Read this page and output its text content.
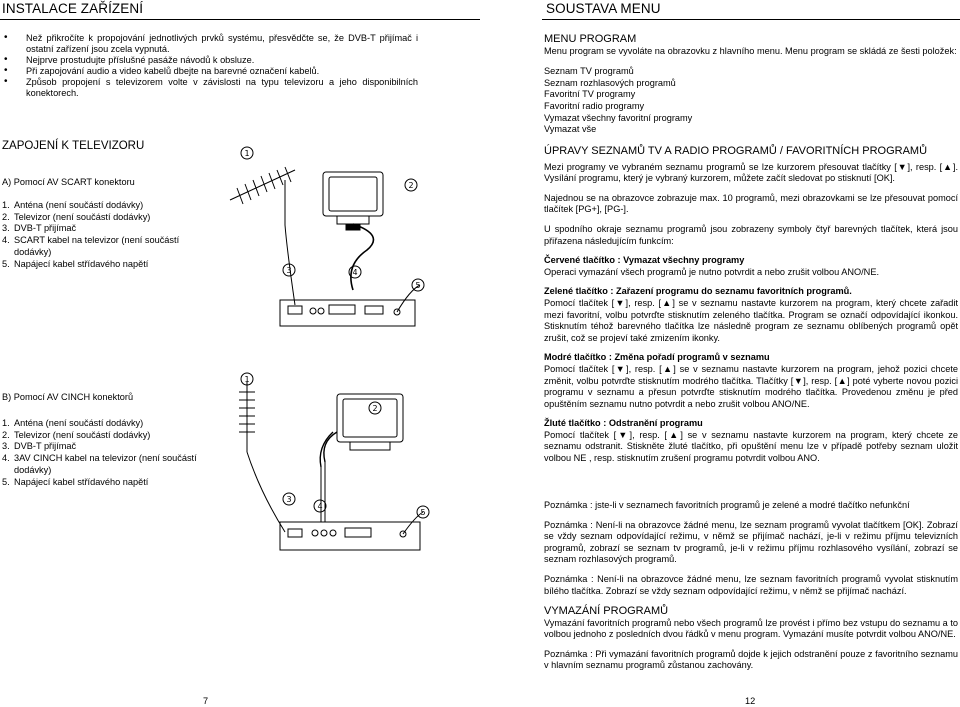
INSTALACE ZAŘÍZENÍ
• Než přikročíte k propojování jednotlivých prvků systému, přesvědčte se, že DVB-T přijímač i ostatní zařízení jsou zcela vypnutá.
• Nejprve prostudujte příslušné pasáže návodů k obsluze.
• Při zapojování audio a video kabelů dbejte na barevné označení kabelů.
• Způsob propojení s televizorem volte v závislosti na typu televizoru a jeho disponibilních konektorech.
ZAPOJENÍ K TELEVIZORU
A) Pomocí AV SCART konektoru
1. Anténa (není součástí dodávky)
2. Televizor (není součástí dodávky)
3. DVB-T přijímač
4. SCART kabel na televizor (není součástí dodávky)
5. Napájecí kabel střídavého napětí
1
2
3	4
5
B) Pomocí AV CINCH konektorů
1. Anténa (není součástí dodávky)
2. Televizor (není součástí dodávky)
3. DVB-T přijímač
4. 3AV CINCH kabel na televizor (není součástí dodávky)
5. Napájecí kabel střídavého napětí
1
2
3
4
5
7
SOUSTAVA MENU

MENU PROGRAM

Menu program se vyvoláte na obrazovku z hlavního menu. Menu program se skládá ze šesti položek:

Seznam TV programů

Seznam rozhlasových programů

Favoritní TV programy

Favoritní radio programy

Vymazat všechny favoritní programy

Vymazat vše

ÚPRAVY SEZNAMŮ TV A RADIO PROGRAMŮ / FAVORITNÍCH PROGRAMŮ

Mezi programy ve vybraném seznamu programů se lze kurzorem přesouvat tlačítky [▼], resp. [▲]. Vysílání programu, který je vybraný kurzorem, můžete začít sledovat po stisknutí [OK].

Najednou se na obrazovce zobrazuje max. 10 programů, mezi obrazovkami se lze přesouvat pomocí tlačítek [PG+], [PG-].

U spodního okraje seznamu programů jsou zobrazeny symboly čtyř barevných tlačítek, která jsou přiřazena následujícím funkcím:

Červené tlačítko : Vymazat všechny programy

Operaci vymazání všech programů je nutno potvrdit a nebo zrušit volbou ANO/NE.

Zelené tlačítko : Zařazení programu do seznamu favoritních programů.

Pomocí tlačítek [▼], resp. [▲] se v seznamu nastavte kurzorem na program, který chcete zařadit mezi favoritní, volbu potvrďte stisknutím zeleného tlačítka. Program se označí odpovídající ikonkou. Stisknutím téhož barevného tlačítka lze následně program ze seznamu oblíbených programů opět zrušit, což se projeví také zmizením ikonky.

Modré tlačítko : Změna pořadí programů v seznamu

Pomocí tlačítek [▼], resp. [▲] se v seznamu nastavte kurzorem na program, jehož pozici chcete změnit, volbu potvrďte stisknutím modrého tlačítka. Tlačítky [▼], resp. [▲] poté vyberte novou pozici programu v seznamu a přesun potvrďte stisknutím modrého tlačítka. Provedenou změnu je před opuštěním seznamu nutno potvrdit a nebo zrušit volbou ANO/NE.

Žluté tlačítko : Odstranění programu

Pomocí tlačítek [▼], resp. [▲] se v seznamu nastavte kurzorem na program, který chcete ze seznamu odstranit. Stiskněte žluté tlačítko, při opuštění menu lze v případě potřeby seznam uložit volbou NE , resp. stisknutím zrušení programu potvrdit volbou ANO.

Poznámka : jste-li v seznamech favoritních programů je zelené a modré tlačítko nefunkční

Poznámka : Není-li na obrazovce žádné menu, lze seznam programů vyvolat tlačítkem [OK]. Zobrazí se vždy seznam odpovídající režimu, v němž se přijímač nachází, je-li v režimu příjmu televizních programů, zobrazí se seznam tv programů, je-li v režimu příjmu rozhlasového vysílání, zobrazí se seznam rozhlasových programů.

Poznámka : Není-li na obrazovce žádné menu, lze seznam favoritních programů vyvolat stisknutím bílého tlačítka. Zobrazí se vždy seznam odpovídající režimu, v němž se přijímač nachází.

VYMAZÁNÍ PROGRAMŮ

Vymazání favoritních programů nebo všech programů lze provést i přímo bez vstupu do seznamu a to volbou jednoho z posledních dvou řádků v menu program. Vymazání musíte potvrdit volbou ANO/NE.

Poznámka : Při vymazání favoritních programů dojde k jejich odstranění pouze z favoritního seznamu v hlavním seznamu programů zůstanou zachovány.

12
